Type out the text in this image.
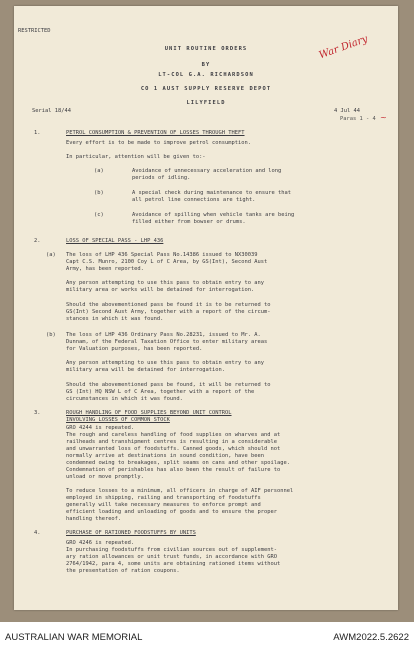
RESTRICTED
UNIT ROUTINE ORDERS
BY
LT-COL G.A. RICHARDSON
CO 1 AUST SUPPLY RESERVE DEPOT
LILYFIELD
War Diary
Serial 18/44	4 Jul 44
Paras 1 - 4 ~
1.	PETROL CONSUMPTION & PREVENTION OF LOSSES THROUGH THEFT
Every effort is to be made to improve petrol consumption.

In particular, attention will be given to:-
(a)	Avoidance of unnecessary acceleration and long
periods of idling.
(b)	A special check during maintenance to ensure that
all petrol line connections are tight.
(c)	Avoidance of spilling when vehicle tanks are being
filled either from bowser or drums.
2.	LOSS OF SPECIAL PASS - LHP 436
(a) The loss of LHP 436 Special Pass No.14386 issued to NX30039
Capt C.S. Munro, 2100 Coy L of C Area, by GS(Int), Second Aust
Army, has been reported.
Any person attempting to use this pass to obtain entry to any
military area or works will be detained for interrogation.
Should the abovementioned pass be found it is to be returned to
GS(Int) Second Aust Army, together with a report of the circum-
stances in which it was found.
(b) The loss of LHP 436 Ordinary Pass No.28231, issued to Mr. A.
Dunnam, of the Federal Taxation Office to enter military areas
for Valuation purposes, has been reported.
Any person attempting to use this pass to obtain entry to any
military area will be detained for interrogation.
Should the abovementioned pass be found, it will be returned to
GS (Int) HQ NSW L of C Area, together with a report of the
circumstances in which it was found.
3.	ROUGH HANDLING OF FOOD SUPPLIES BEYOND UNIT CONTROL
INVOLVING LOSSES OF COMMON STOCK
GRO 4244 is repeated.
The rough and careless handling of food supplies on wharves and at
railheads and transhipment centres is resulting in a considerable
and unwarranted loss of foodstuffs. Canned goods, which should not
normally arrive at destinations in sound condition, have been
condemned owing to breakages, split seams on cans and other spoilage.
Condemnation of perishables has also been the result of failure to
unload or move promptly.
To reduce losses to a minimum, all officers in charge of AIF personnel
employed in shipping, railing and transporting of foodstuffs
generally will take necessary measures to enforce prompt and
efficient loading and unloading of goods and to ensure the proper
handling thereof.
4.	PURCHASE OF RATIONED FOODSTUFFS BY UNITS
GRO 4246 is repeated.
In purchasing foodstuffs from civilian sources out of supplement-
ary ration allowances or unit trust funds, in accordance with GRO
2764/1942, para 4, some units are obtaining rationed items without
the presentation of ration coupons.
AUSTRALIAN WAR MEMORIAL	AWM2022.5.2622
